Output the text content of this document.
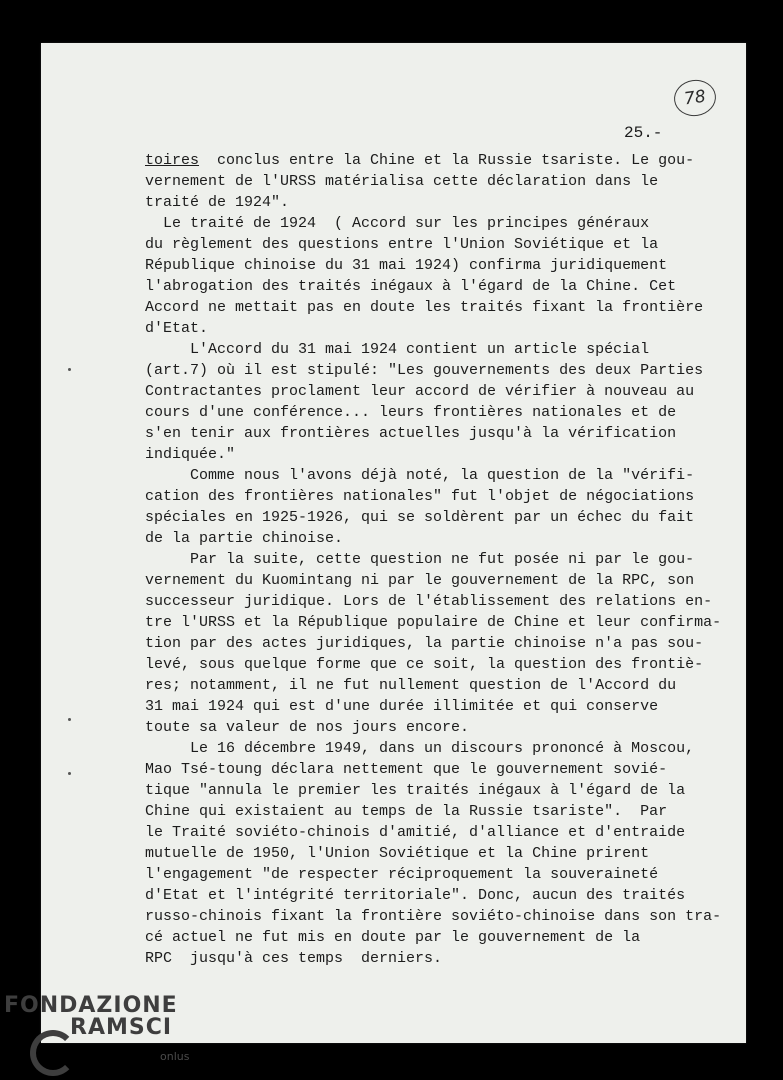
78
25.-
toires  conclus entre la Chine et la Russie tsariste. Le gou-
vernement de l'URSS matérialisa cette déclaration dans le
traité de 1924".
Le traité de 1924  ( Accord sur les principes généraux
du règlement des questions entre l'Union Soviétique et la
République chinoise du 31 mai 1924) confirma juridiquement
l'abrogation des traités inégaux à l'égard de la Chine. Cet
Accord ne mettait pas en doute les traités fixant la frontière
d'Etat.
L'Accord du 31 mai 1924 contient un article spécial
(art.7) où il est stipulé: "Les gouvernements des deux Parties
Contractantes proclament leur accord de vérifier à nouveau au
cours d'une conférence... leurs frontières nationales et de
s'en tenir aux frontières actuelles jusqu'à la vérification
indiquée."
Comme nous l'avons déjà noté, la question de la "vérifi-
cation des frontières nationales" fut l'objet de négociations
spéciales en 1925-1926, qui se soldèrent par un échec du fait
de la partie chinoise.
Par la suite, cette question ne fut posée ni par le gou-
vernement du Kuomintang ni par le gouvernement de la RPC, son
successeur juridique. Lors de l'établissement des relations en-
tre l'URSS et la République populaire de Chine et leur confirma-
tion par des actes juridiques, la partie chinoise n'a pas sou-
levé, sous quelque forme que ce soit, la question des frontiè-
res; notamment, il ne fut nullement question de l'Accord du
31 mai 1924 qui est d'une durée illimitée et qui conserve
toute sa valeur de nos jours encore.
Le 16 décembre 1949, dans un discours prononcé à Moscou,
Mao Tsé-toung déclara nettement que le gouvernement sovié-
tique "annula le premier les traités inégaux à l'égard de la
Chine qui existaient au temps de la Russie tsariste".  Par
le Traité soviéto-chinois d'amitié, d'alliance et d'entraide
mutuelle de 1950, l'Union Soviétique et la Chine prirent
l'engagement "de respecter réciproquement la souveraineté
d'Etat et l'intégrité territoriale". Donc, aucun des traités
russo-chinois fixant la frontière soviéto-chinoise dans son tra-
cé actuel ne fut mis en doute par le gouvernement de la
RPC  jusqu'à ces temps  derniers.
FONDAZIONE
RAMSCI
onlus
